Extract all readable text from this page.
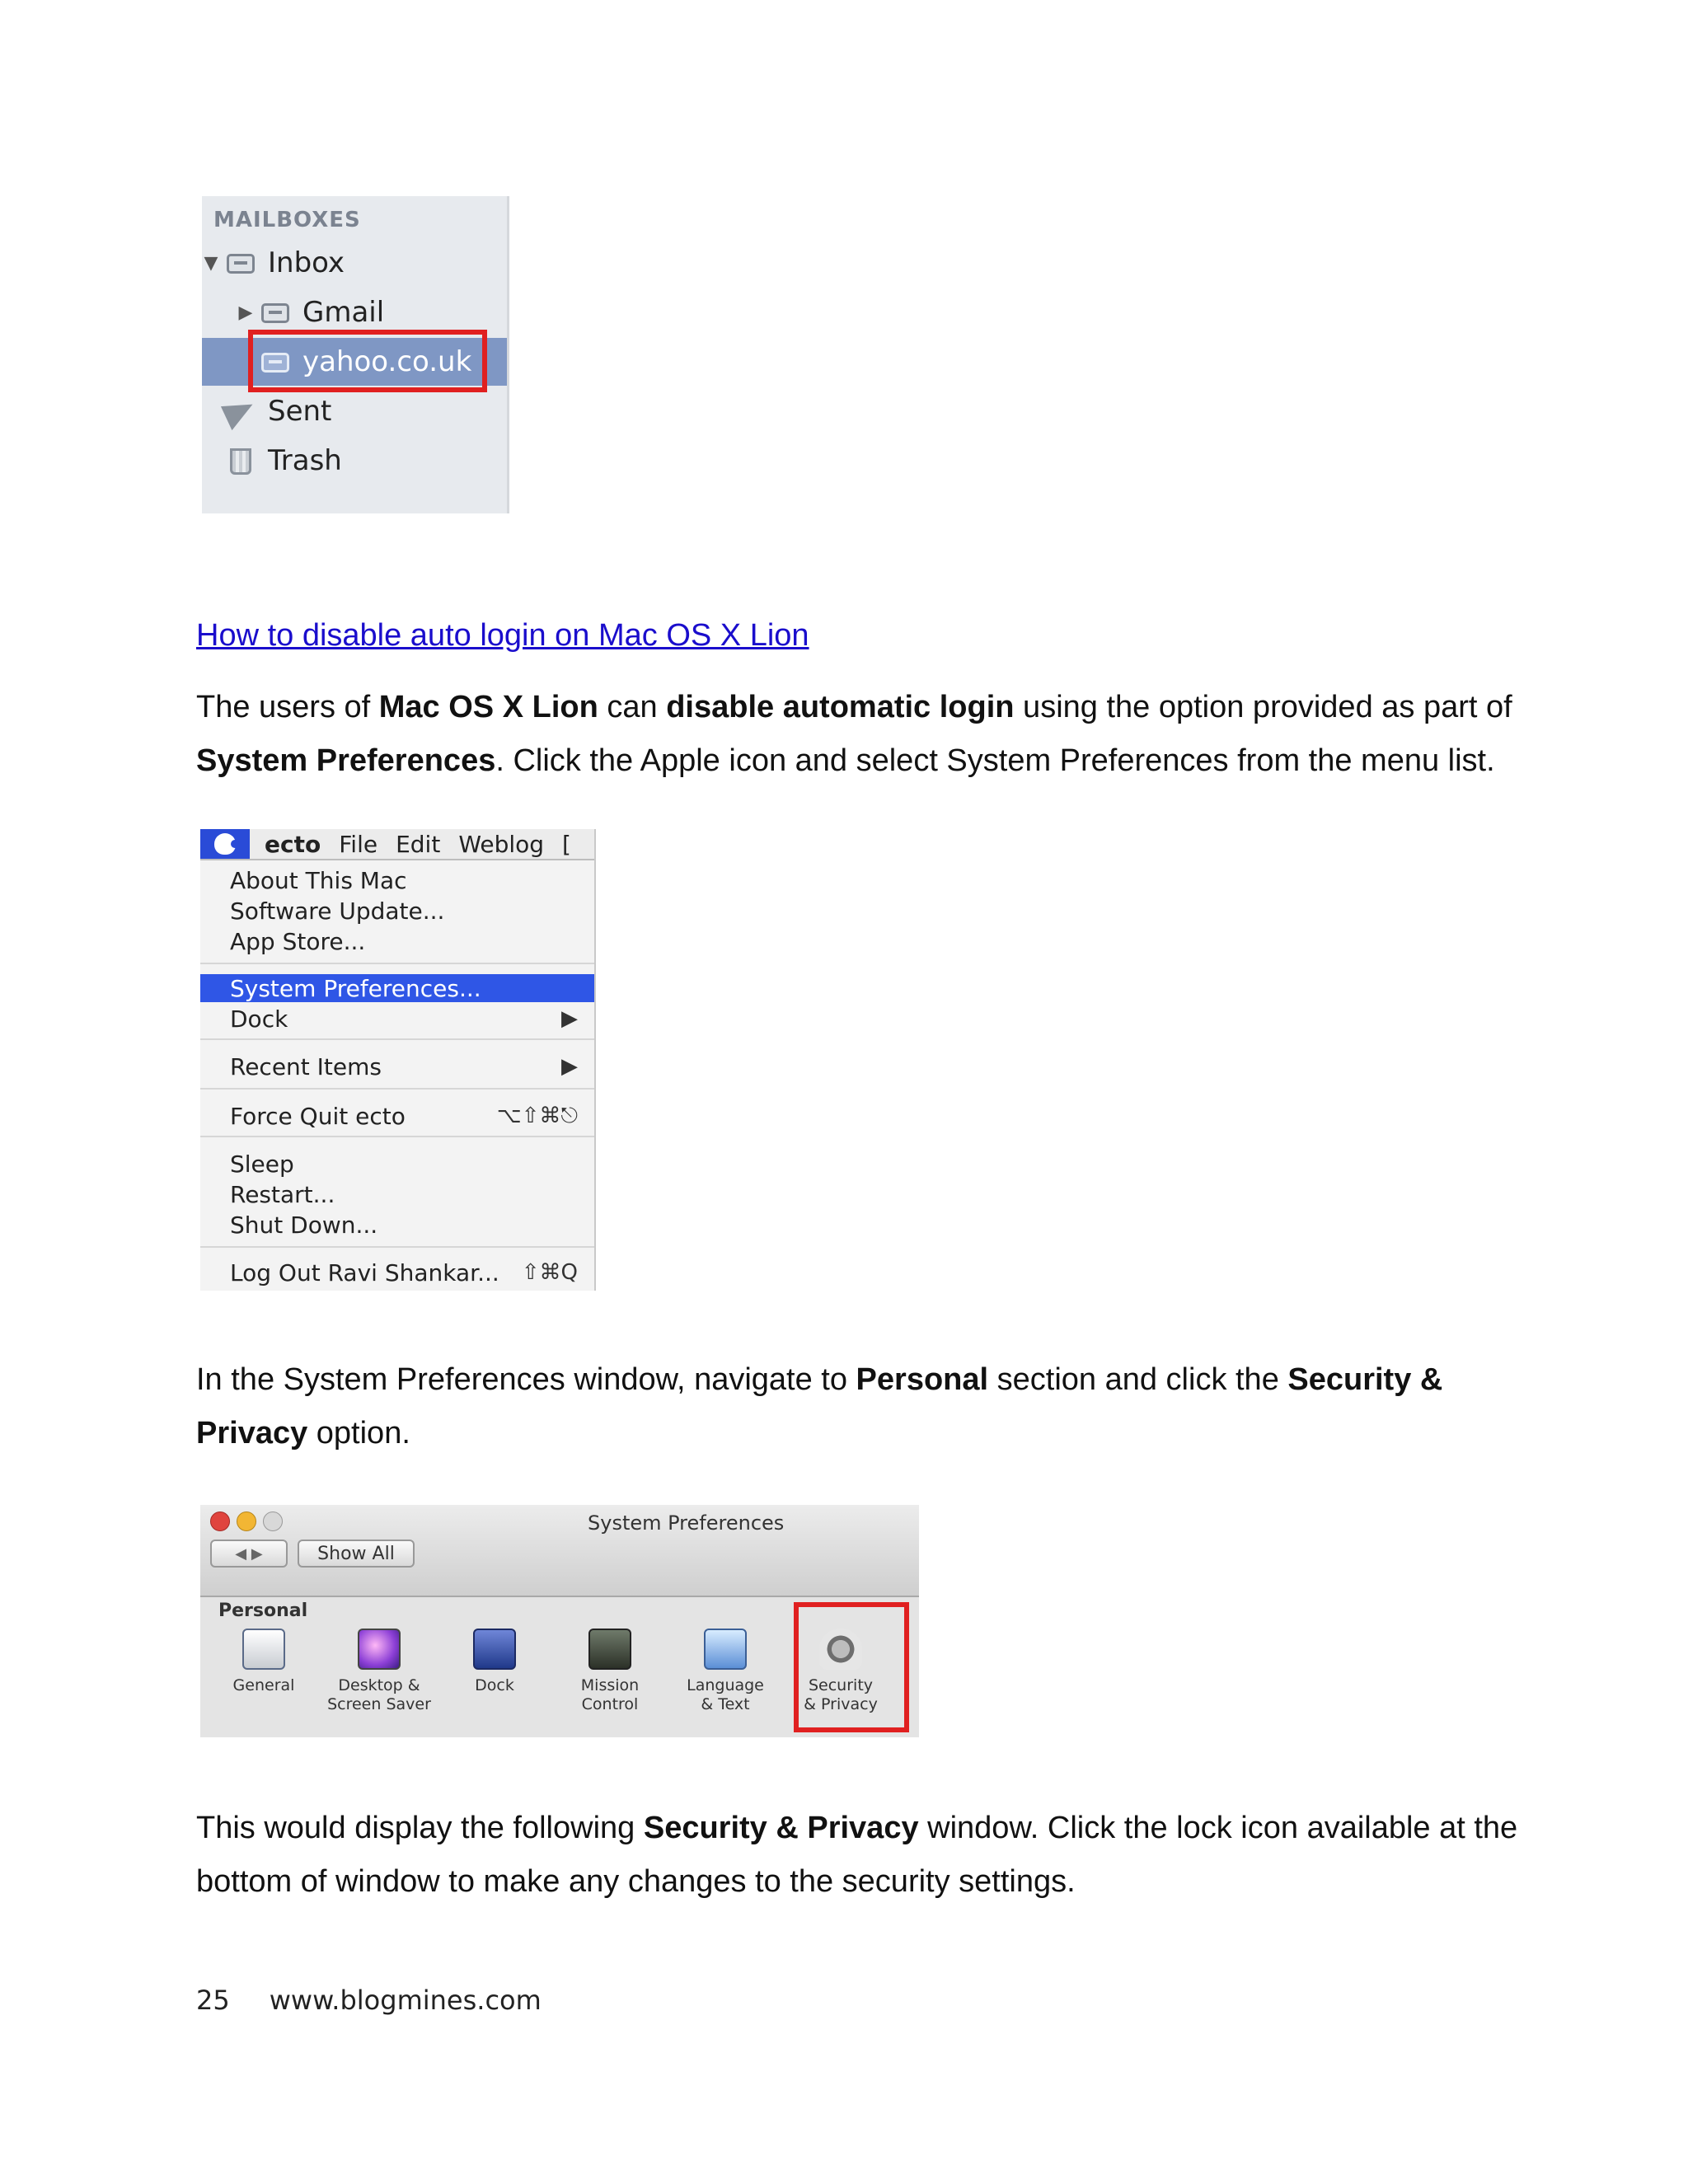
MAILBOXES
▼ Inbox
▶ Gmail
yahoo.co.uk
Sent
Trash
How to disable auto login on Mac OS X Lion
The users of Mac OS X Lion can disable automatic login using the option provided as part of System Preferences. Click the Apple icon and select System Preferences from the menu list.
ecto File Edit Weblog [
About This Mac
Software Update...
App Store...
System Preferences...
Dock	▶
Recent Items	▶
Force Quit ecto	⌥⇧⌘⎋
Sleep
Restart...
Shut Down...
Log Out Ravi Shankar... ⇧⌘Q
In the System Preferences window, navigate to Personal section and click the Security & Privacy option.
System Preferences
◀ ▶	Show All
Personal
General	Desktop &
Screen Saver
Dock	Mission
Control
Language
& Text
Security
& Privacy
This would display the following Security & Privacy window. Click the lock icon available at the bottom of window to make any changes to the security settings.
25 www.blogmines.com
